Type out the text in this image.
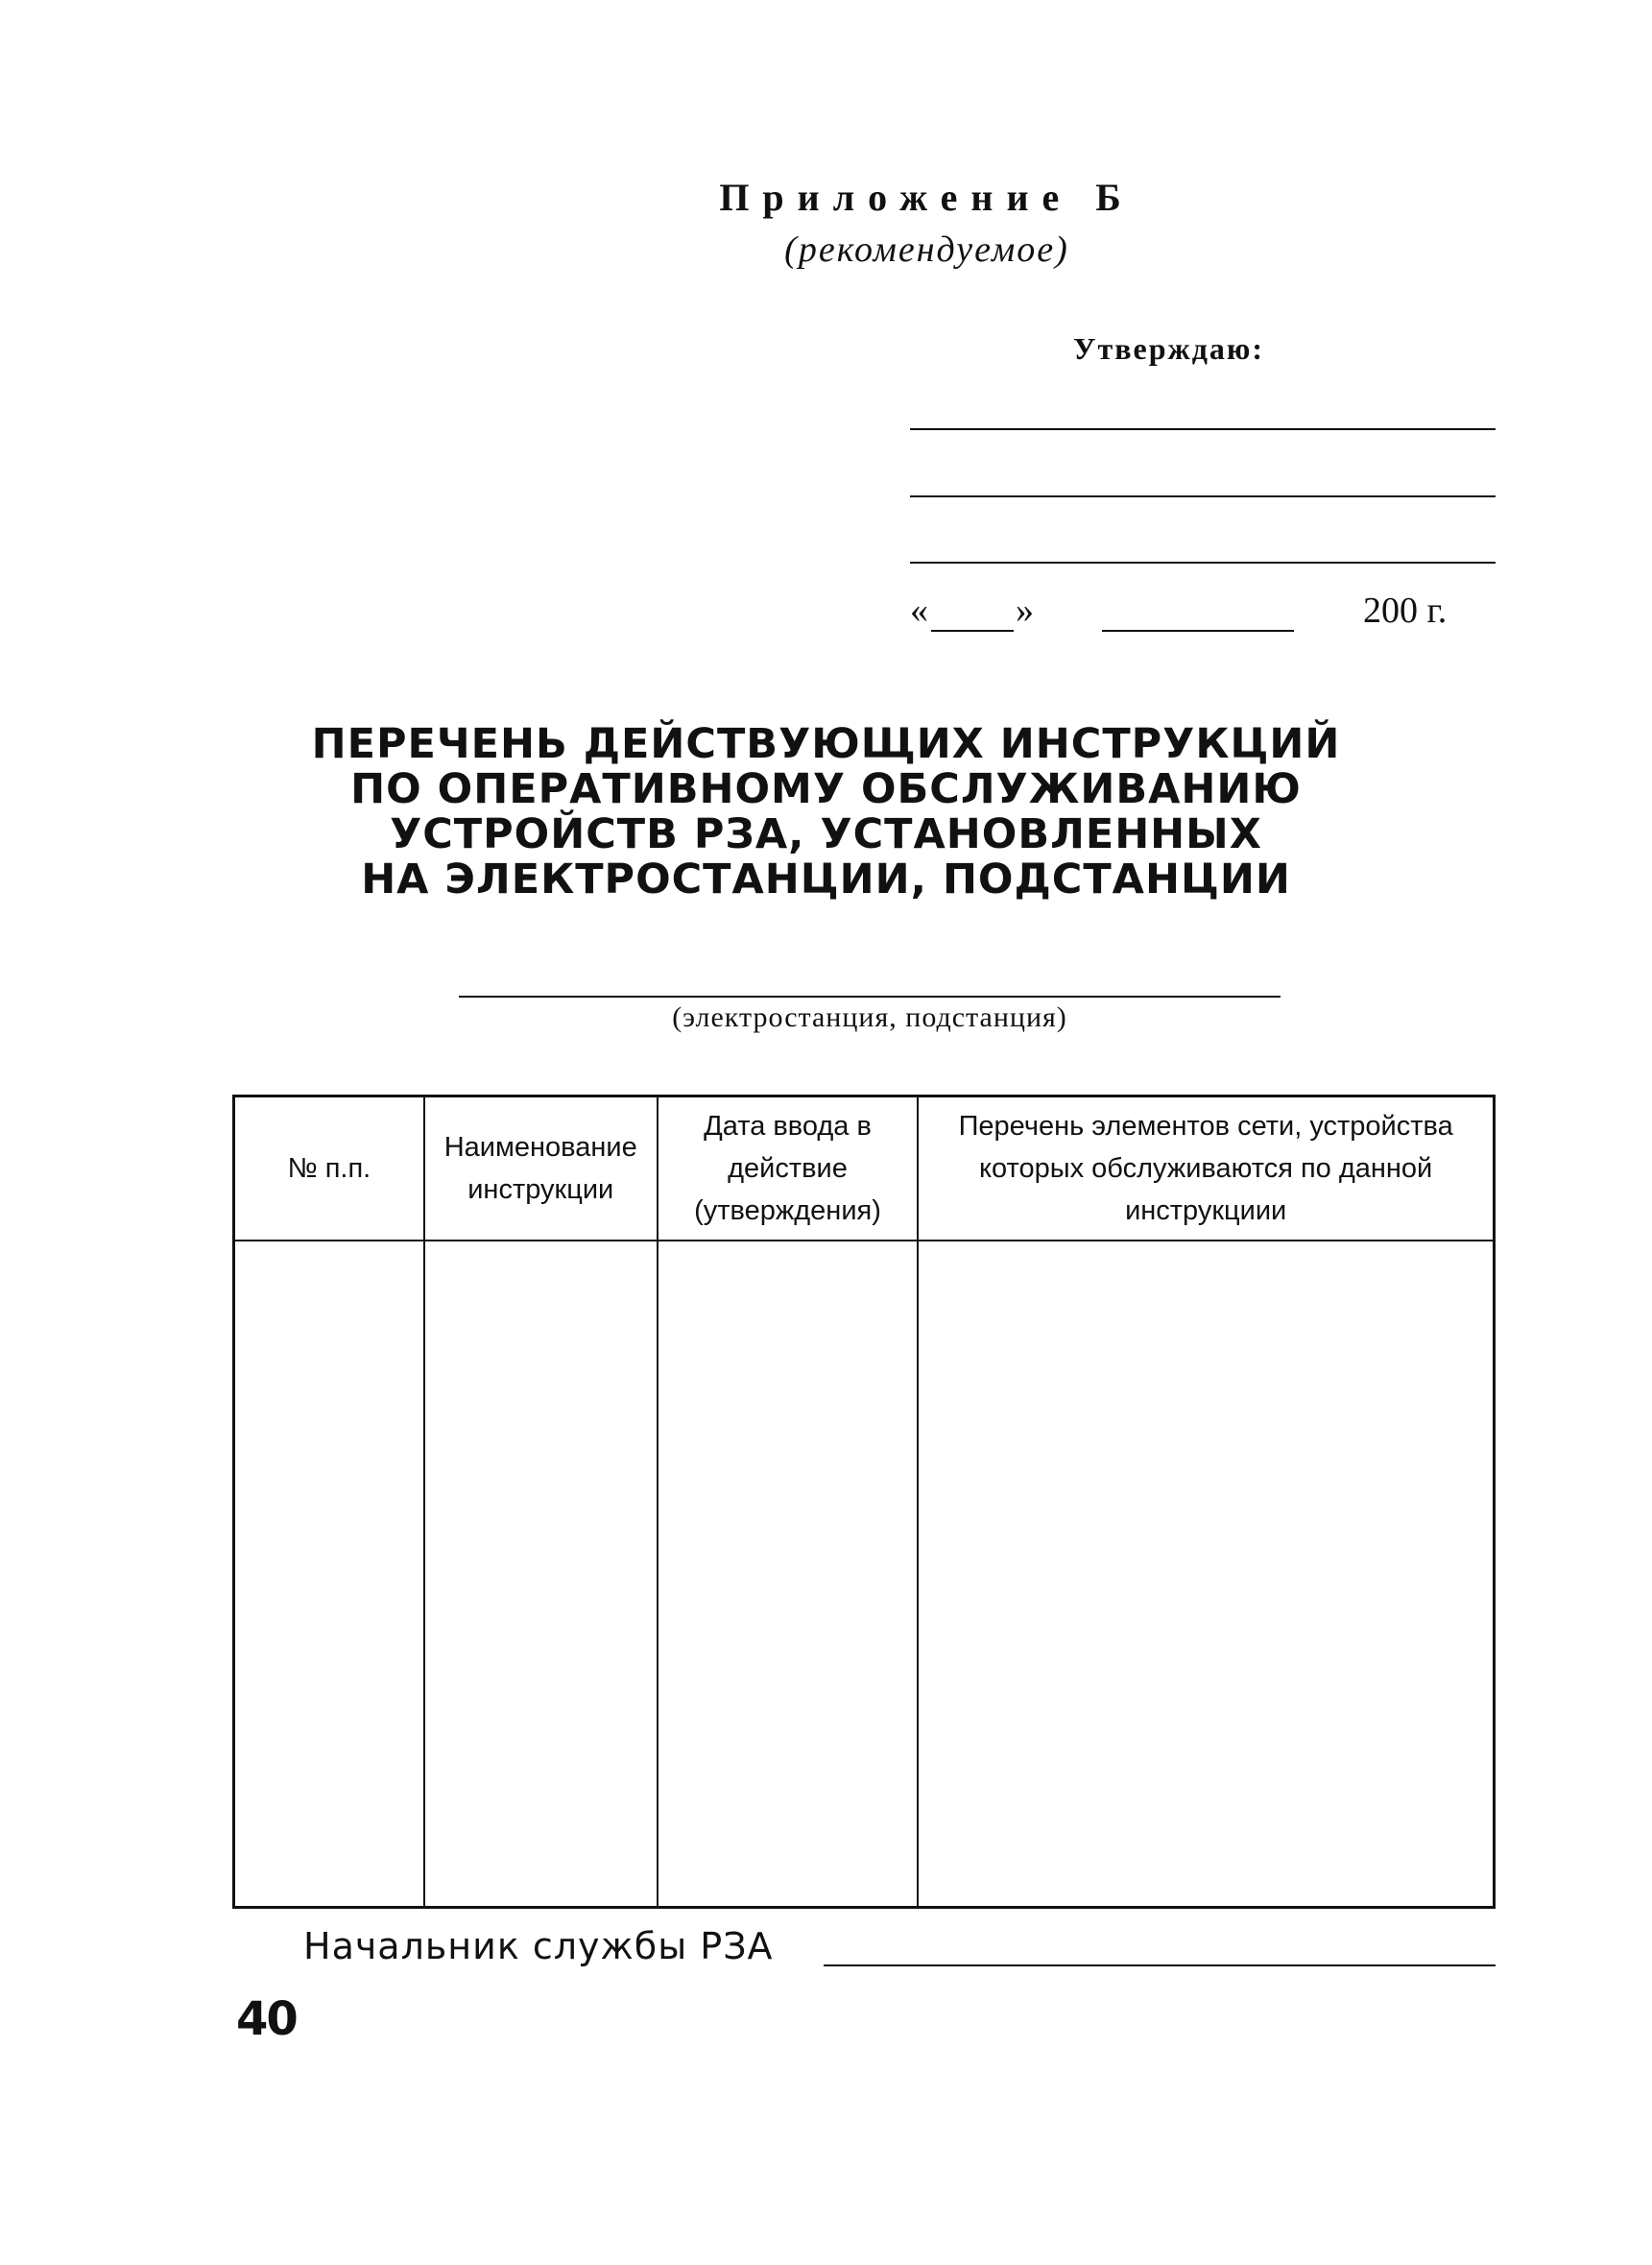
Приложение Б
(рекомендуемое)
Утверждаю:
« »	200 г.
ПЕРЕЧЕНЬ ДЕЙСТВУЮЩИХ ИНСТРУКЦИЙ
ПО ОПЕРАТИВНОМУ ОБСЛУЖИВАНИЮ
УСТРОЙСТВ РЗА, УСТАНОВЛЕННЫХ
НА ЭЛЕКТРОСТАНЦИИ, ПОДСТАНЦИИ
(электростанция, подстанция)
№ п.п.	Наименование инструкции	Дата ввода в действие (утверждения)	Перечень элементов сети, устройства которых обслуживаются по данной инструкциии

Начальник службы РЗА
40
